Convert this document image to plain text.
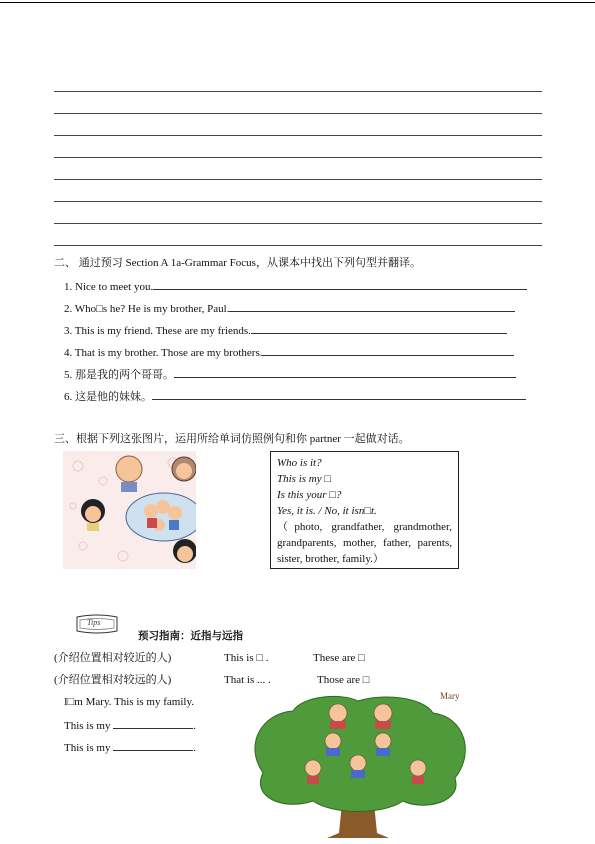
二、 通过预习 Section A 1a-Grammar Focus，从课本中找出下列句型并翻译。
1. Nice to meet you.
2. Who□s he? He is my brother, Paul.
3. This is my friend. These are my friends.
4. That is my brother. Those are my brothers.
5. 那是我的两个哥哥。
6. 这是他的妹妹。
三、根据下列这张图片，运用所给单词仿照例句和你 partner 一起做对话。
Who is it?
This is my □
Is this your □?
Yes, it is. / No, it isn□t.
（photo, grandfather, grandmother, grandparents, mother, father, parents, sister, brother, family.）
Tips
预习指南：近指与远指
(介绍位置相对较近的人)	This is □ .	These are □
(介绍位置相对较远的人)	That is ... .	Those are □
I□m Mary. This is my family.
This is my	.
This is my	.
Mary
